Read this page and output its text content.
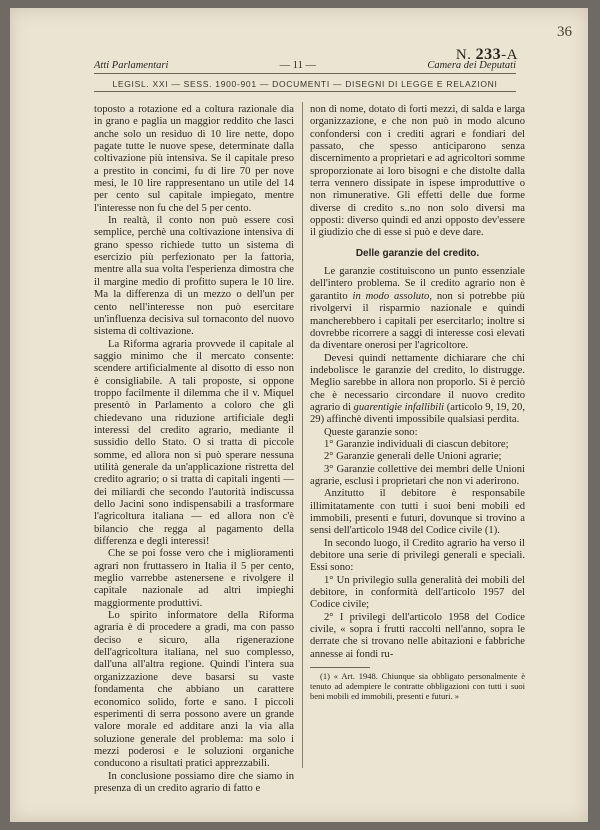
36
N. 233-A
Atti Parlamentari	— 11 —	Camera dei Deputati
LEGISL. XXI — SESS. 1900-901 — DOCUMENTI — DISEGNI DI LEGGE E RELAZIONI

toposto a rotazione ed a coltura razionale dia in grano e paglia un maggior reddito che lasci anche solo un residuo di 10 lire nette, dopo pagate tutte le nuove spese, determinate dalla coltivazione più intensiva. Se il capitale preso a prestito in concimi, fu di lire 70 per nove mesi, le 10 lire rappresentano un utile del 14 per cento sul capitale impiegato, mentre l'interesse non fu che del 5 per cento.

In realtà, il conto non può essere così semplice, perchè una coltivazione intensiva di grano spesso richiede tutto un sistema di esercizio più perfezionato per la fattoria, mentre alla sua volta l'esperienza dimostra che il margine medio di profitto supera le 10 lire. Ma la differenza di un mezzo o dell'un per cento nell'interesse non può esercitare un'influenza decisiva sul tornaconto del nuovo sistema di coltivazione.

La Riforma agraria provvede il capitale al saggio minimo che il mercato consente: scendere artificialmente al disotto di esso non è consigliabile. A tali proposte, si oppone troppo facilmente il dilemma che il v. Miquel presentò in Parlamento a coloro che gli chiedevano una riduzione artificiale degli interessi del credito agrario, mediante il sussidio dello Stato. O si tratta di piccole somme, ed allora non si può sperare nessuna utilità generale da un'applicazione ristretta del credito agrario; o si tratta di capitali ingenti — dei miliardi che secondo l'autorità indiscussa dello Jacini sono indispensabili a trasformare l'agricoltura italiana — ed allora non c'è bilancio che regga al pagamento della differenza e degli interessi!

Che se poi fosse vero che i miglioramenti agrari non fruttassero in Italia il 5 per cento, meglio varrebbe astenersene e rivolgere il capitale nazionale ad altri impieghi maggiormente produttivi.

Lo spirito informatore della Riforma agraria è di procedere a gradi, ma con passo deciso e sicuro, alla rigenerazione dell'agricoltura italiana, nel suo complesso, dall'una all'altra regione. Quindi l'intera sua organizzazione deve basarsi su vaste fondamenta che abbiano un carattere economico solido, forte e sano. I piccoli esperimenti di serra possono avere un grande valore morale ed additare anzi la via alla soluzione generale del problema: ma solo i mezzi poderosi e le soluzioni organiche conducono a risultati pratici apprezzabili.

In conclusione possiamo dire che siamo in presenza di un credito agrario di fatto e

non di nome, dotato di forti mezzi, di salda e larga organizzazione, e che non può in modo alcuno confondersi con i crediti agrari e fondiari del passato, che spesso anticiparono senza discernimento a proprietari e ad agricoltori somme sproporzionate ai loro bisogni e che distolte dalla terra vennero dissipate in ispese improduttive o non rimunerative. Gli effetti delle due forme diverse di credito s..no non solo diversi ma opposti: diverso quindi ed anzi opposto dev'essere il giudizio che di esse si può e deve dare.

Delle garanzie del credito.

Le garanzie costituiscono un punto essenziale dell'intero problema. Se il credito agrario non è garantito in modo assoluto, non si potrebbe più rivolgervi il risparmio nazionale e quindi mancherebbero i capitali per esercitarlo; inoltre si dovrebbe ricorrere a saggi di interesse così elevati da diventare onerosi per l'agricoltore.

Devesi quindi nettamente dichiarare che chi indebolisce le garanzie del credito, lo distrugge. Meglio sarebbe in allora non proporlo. Si è perciò che è necessario circondare il nuovo credito agrario di guarentigie infallibili (articolo 9, 19, 20, 29) affinchè diventi impossibile qualsiasi perdita.

Queste garanzie sono:

1° Garanzie individuali di ciascun debitore;

2° Garanzie generali delle Unioni agrarie;

3° Garanzie collettive dei membri delle Unioni agrarie, esclusi i proprietari che non vi aderirono.

Anzitutto il debitore è responsabile illimitatamente con tutti i suoi beni mobili ed immobili, presenti e futuri, dovunque si trovino a sensi dell'articolo 1948 del Codice civile (1).

In secondo luogo, il Credito agrario ha verso il debitore una serie di privilegi generali e speciali. Essi sono:

1° Un privilegio sulla generalità dei mobili del debitore, in conformità dell'articolo 1957 del Codice civile;

2° I privilegi dell'articolo 1958 del Codice civile, « sopra i frutti raccolti nell'anno, sopra le derrate che si trovano nelle abitazioni e fabbriche annesse ai fondi ru-

(1) « Art. 1948. Chiunque sia obbligato personalmente è tenuto ad adempiere le contratte obbligazioni con tutti i suoi beni mobili ed immobili, presenti e futuri. »
